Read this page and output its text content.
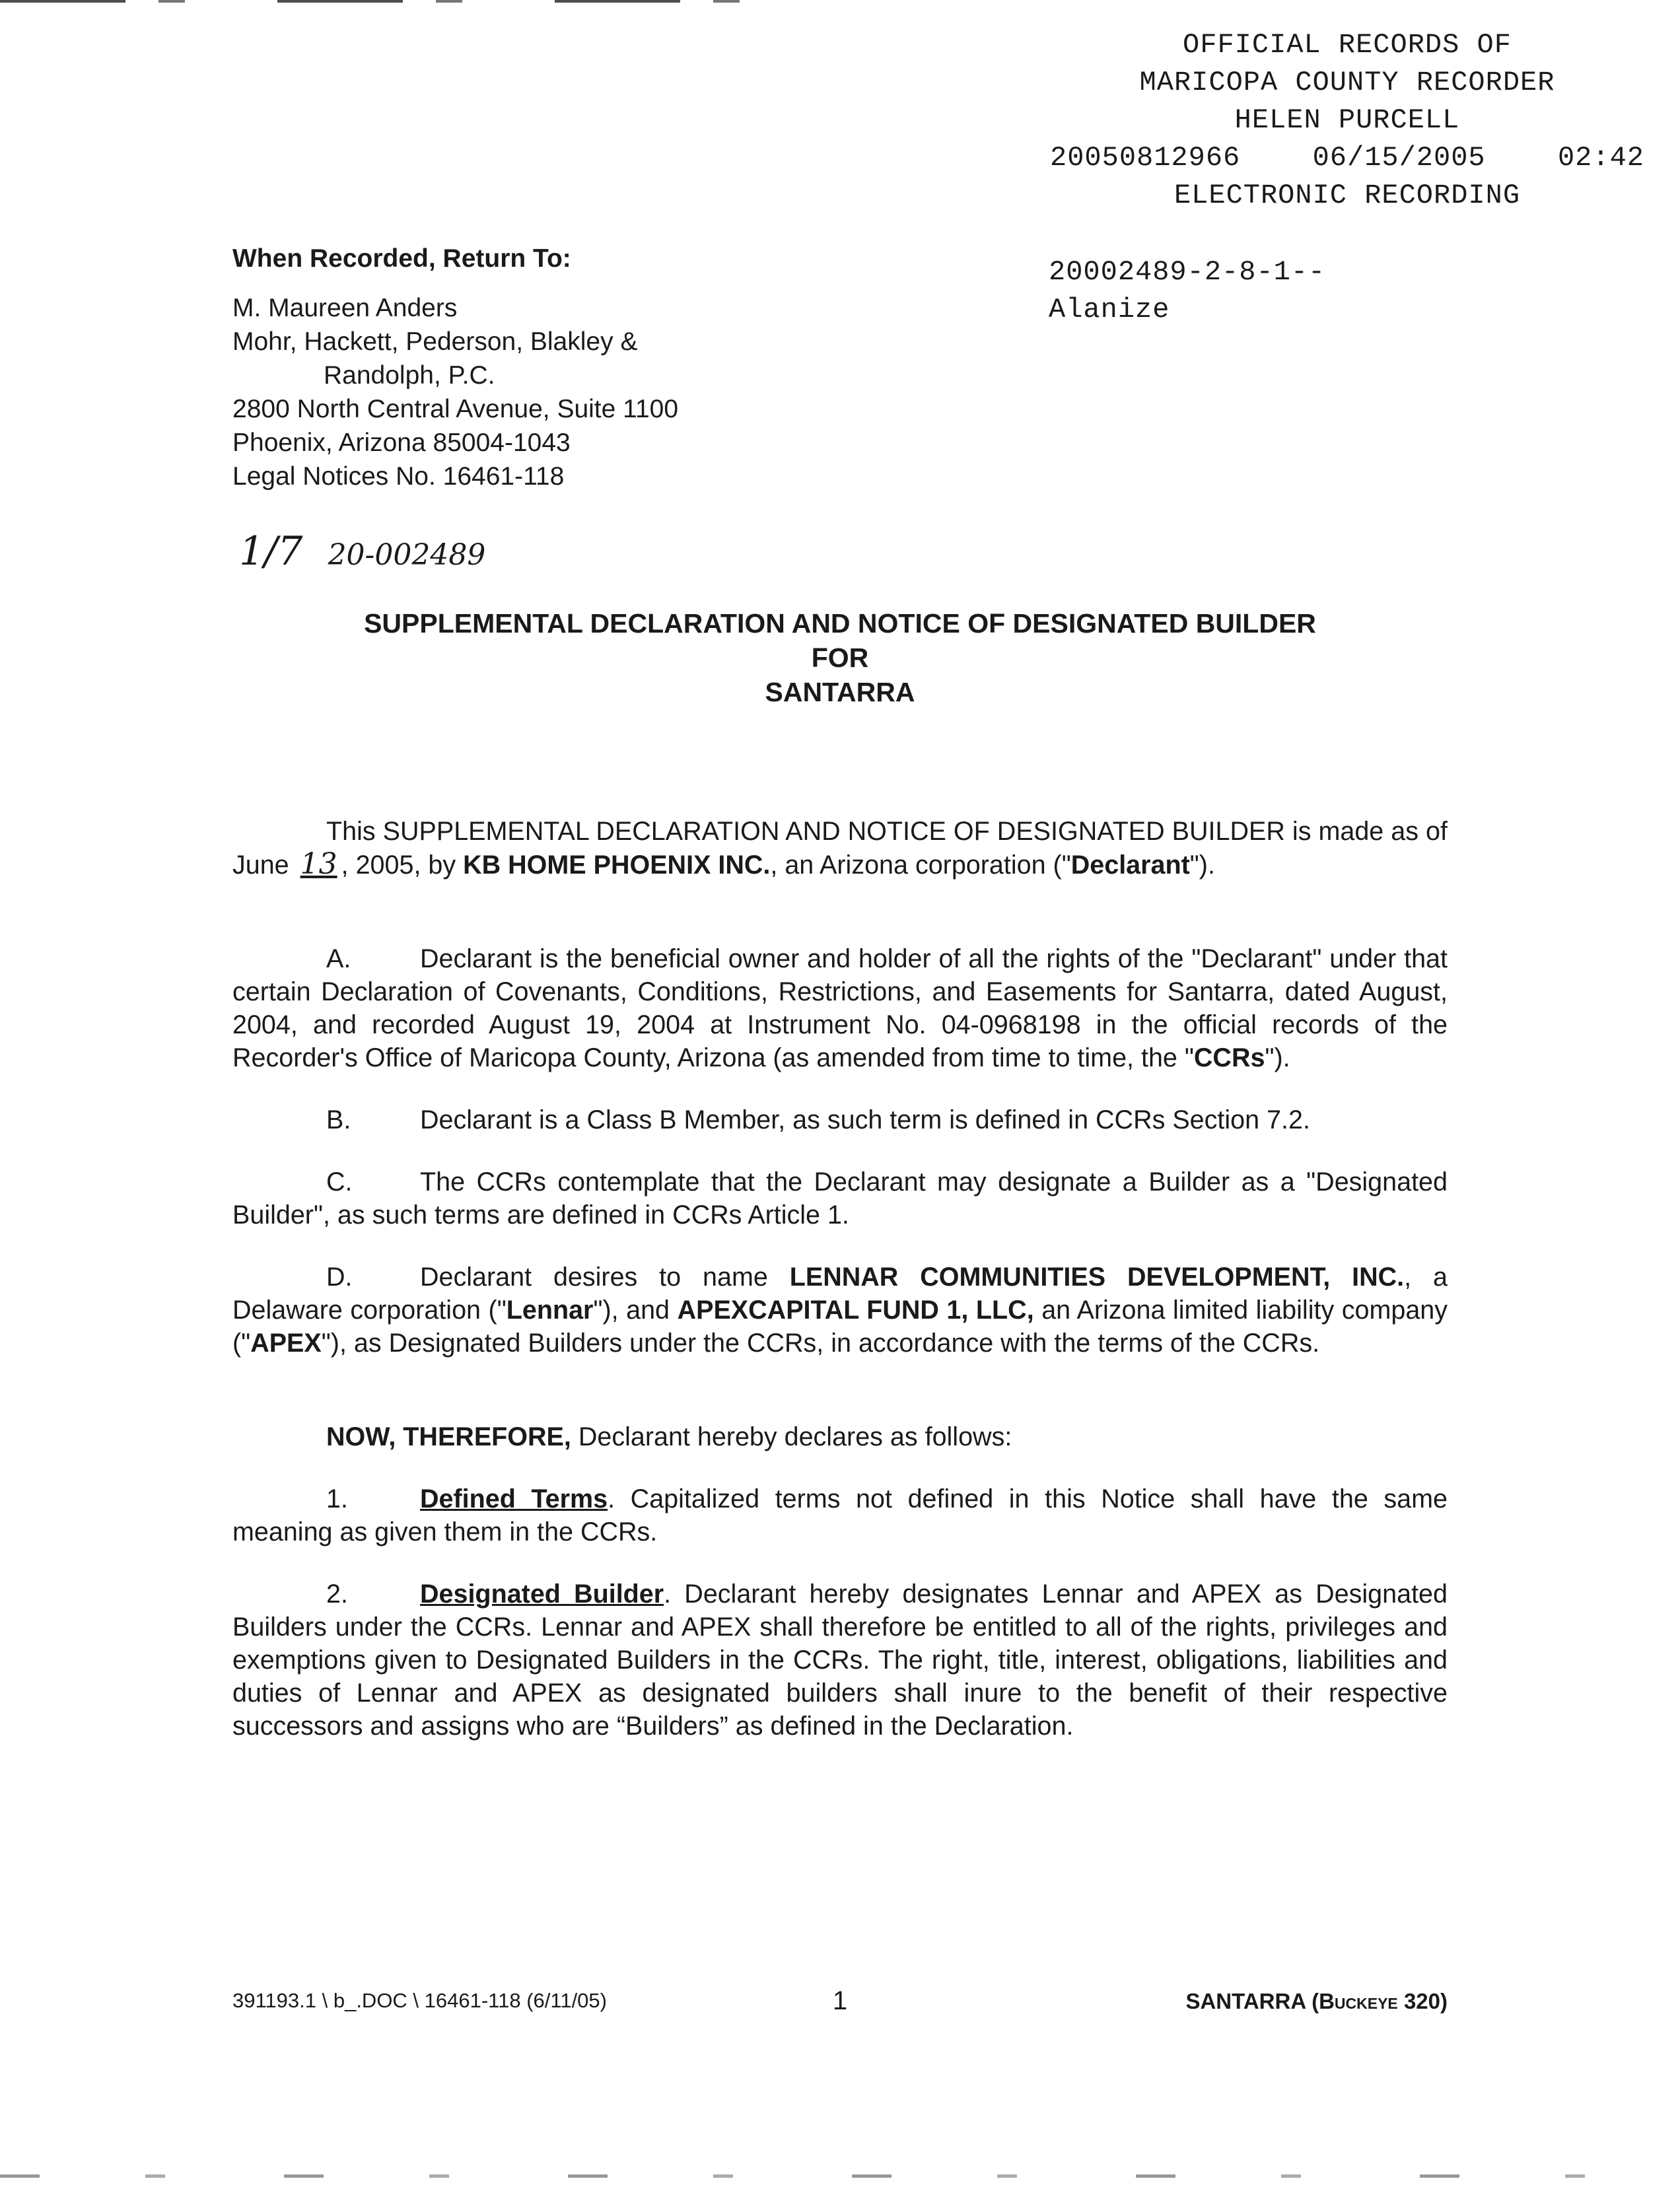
OFFICIAL RECORDS OF
MARICOPA COUNTY RECORDER
HELEN PURCELL
20050812966	06/15/2005	02:42
ELECTRONIC RECORDING
20002489-2-8-1--
Alanize
When Recorded, Return To:
M. Maureen Anders
Mohr, Hackett, Pederson, Blakley &
Randolph, P.C.
2800 North Central Avenue, Suite 1100
Phoenix, Arizona 85004-1043
Legal Notices No. 16461-118
1/7 20-002489
SUPPLEMENTAL DECLARATION AND NOTICE OF DESIGNATED BUILDER
FOR
SANTARRA

This SUPPLEMENTAL DECLARATION AND NOTICE OF DESIGNATED BUILDER is made as of June 13 , 2005, by KB HOME PHOENIX INC., an Arizona corporation ("Declarant").

A.	Declarant is the beneficial owner and holder of all the rights of the "Declarant" under that certain Declaration of Covenants, Conditions, Restrictions, and Easements for Santarra, dated August, 2004, and recorded August 19, 2004 at Instrument No. 04-0968198 in the official records of the Recorder's Office of Maricopa County, Arizona (as amended from time to time, the "CCRs").

B.	Declarant is a Class B Member, as such term is defined in CCRs Section 7.2.

C.	The CCRs contemplate that the Declarant may designate a Builder as a "Designated Builder", as such terms are defined in CCRs Article 1.

D.	Declarant desires to name LENNAR COMMUNITIES DEVELOPMENT, INC., a Delaware corporation ("Lennar"), and APEXCAPITAL FUND 1, LLC, an Arizona limited liability company ("APEX"), as Designated Builders under the CCRs, in accordance with the terms of the CCRs.

NOW, THEREFORE, Declarant hereby declares as follows:

1.	Defined Terms. Capitalized terms not defined in this Notice shall have the same meaning as given them in the CCRs.

2.	Designated Builder. Declarant hereby designates Lennar and APEX as Designated Builders under the CCRs. Lennar and APEX shall therefore be entitled to all of the rights, privileges and exemptions given to Designated Builders in the CCRs. The right, title, interest, obligations, liabilities and duties of Lennar and APEX as designated builders shall inure to the benefit of their respective successors and assigns who are “Builders” as defined in the Declaration.

391193.1 \ b_.DOC \ 16461-118 (6/11/05)	1	SANTARRA (Buckeye 320)
